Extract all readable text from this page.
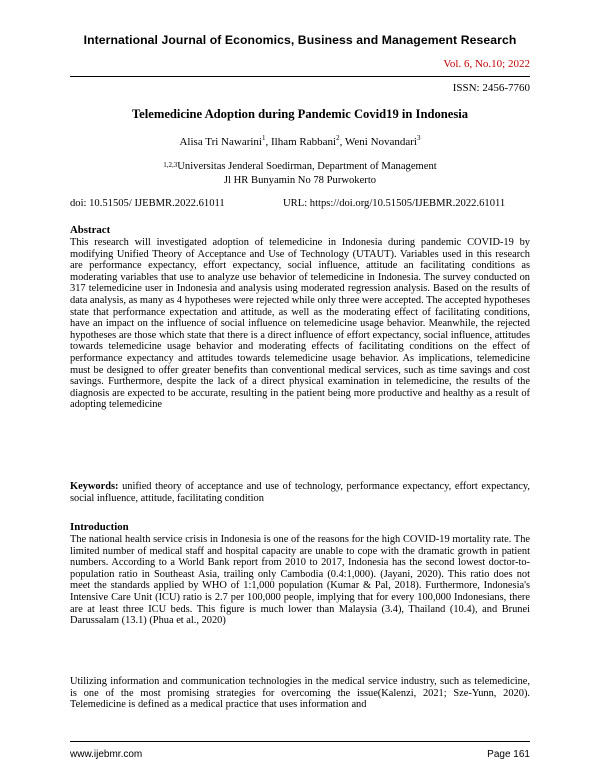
International Journal of Economics, Business and Management Research
Vol. 6, No.10; 2022
ISSN: 2456-7760
Telemedicine Adoption during Pandemic Covid19 in Indonesia
Alisa Tri Nawarini$^1$, Ilham Rabbani$^2$, Weni Novandari$^3$
$^{1,2,3}$Universitas Jenderal Soedirman, Department of Management
Jl HR Bunyamin No 78 Purwokerto
doi: 10.51505/ IJEBMR.2022.61011	URL: https://doi.org/10.51505/IJEBMR.2022.61011
Abstract

This research will investigated adoption of telemedicine in Indonesia during pandemic COVID-19 by modifying Unified Theory of Acceptance and Use of Technology (UTAUT). Variables used in this research are performance expectancy, effort expectancy, social influence, attitude an facilitating conditions as moderating variables that use to analyze use behavior of telemedicine in Indonesia. The survey conducted on 317 telemedicine user in Indonesia and analysis using moderated regression analysis. Based on the results of data analysis, as many as 4 hypotheses were rejected while only three were accepted. The accepted hypotheses state that performance expectation and attitude, as well as the moderating effect of facilitating conditions, have an impact on the influence of social influence on telemedicine usage behavior. Meanwhile, the rejected hypotheses are those which state that there is a direct influence of effort expectancy, social influence, attitudes towards telemedicine usage behavior and moderating effects of facilitating conditions on the effect of performance expectancy and attitudes towards telemedicine usage behavior. As implications, telemedicine must be designed to offer greater benefits than conventional medical services, such as time savings and cost savings. Furthermore, despite the lack of a direct physical examination in telemedicine, the results of the diagnosis are expected to be accurate, resulting in the patient being more productive and healthy as a result of adopting telemedicine

Keywords: unified theory of acceptance and use of technology, performance expectancy, effort expectancy, social influence, attitude, facilitating condition

Introduction

The national health service crisis in Indonesia is one of the reasons for the high COVID-19 mortality rate. The limited number of medical staff and hospital capacity are unable to cope with the dramatic growth in patient numbers. According to a World Bank report from 2010 to 2017, Indonesia has the second lowest doctor-to-population ratio in Southeast Asia, trailing only Cambodia (0.4:1,000). (Jayani, 2020). This ratio does not meet the standards applied by WHO of 1:1,000 population (Kumar & Pal, 2018). Furthermore, Indonesia's Intensive Care Unit (ICU) ratio is 2.7 per 100,000 people, implying that for every 100,000 Indonesians, there are at least three ICU beds. This figure is much lower than Malaysia (3.4), Thailand (10.4), and Brunei Darussalam (13.1) (Phua et al., 2020)

Utilizing information and communication technologies in the medical service industry, such as telemedicine, is one of the most promising strategies for overcoming the issue(Kalenzi, 2021; Sze-Yunn, 2020). Telemedicine is defined as a medical practice that uses information and

www.ijebmr.com	Page 161
